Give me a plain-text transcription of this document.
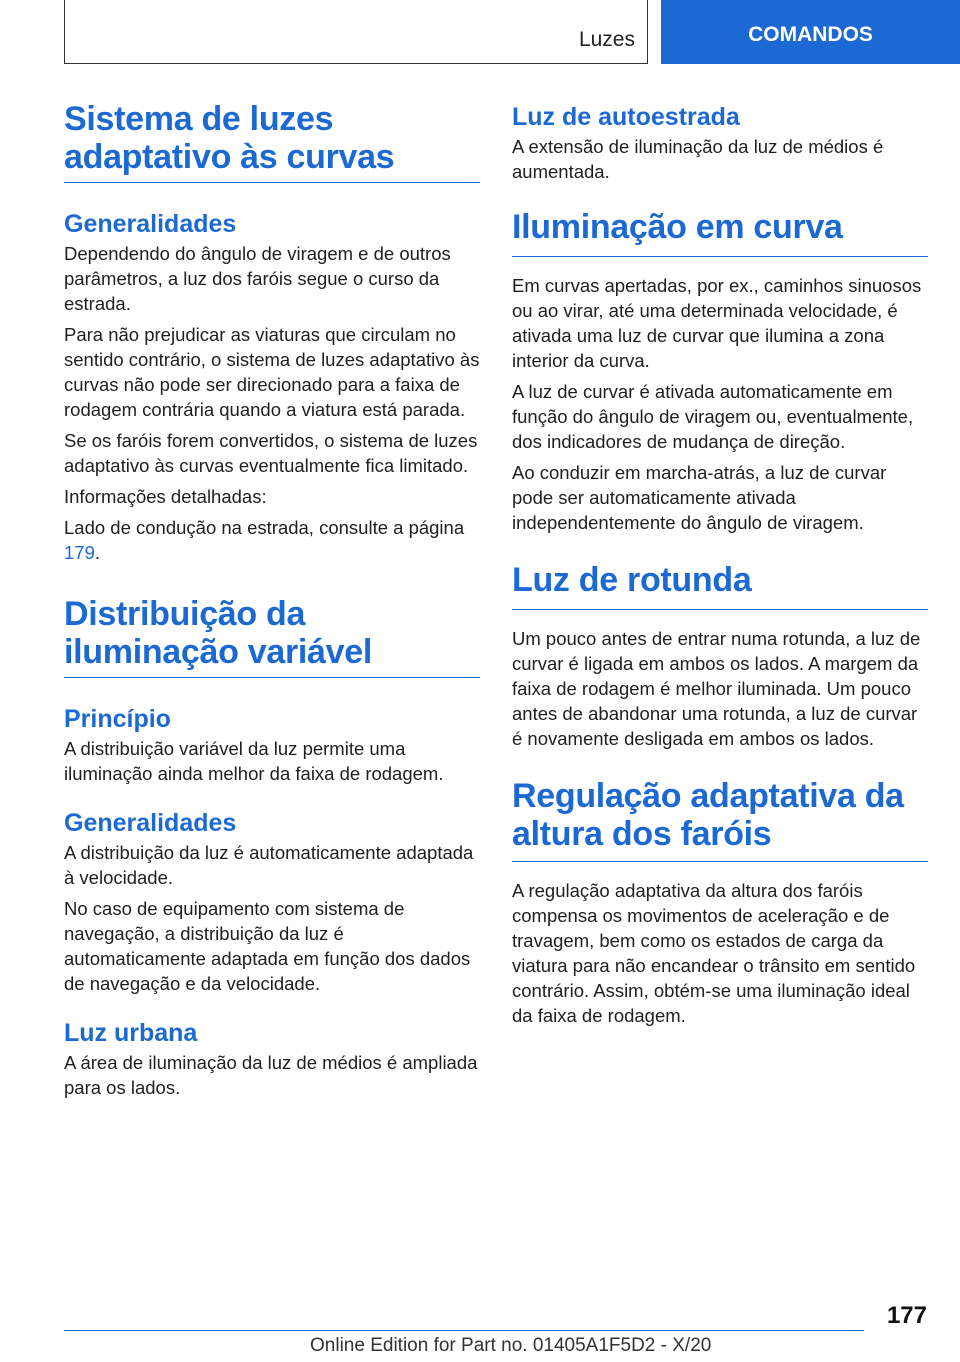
Luzes	COMANDOS
Sistema de luzes adaptativo às curvas
Generalidades

Dependendo do ângulo de viragem e de outros parâmetros, a luz dos faróis segue o curso da estrada.

Para não prejudicar as viaturas que circulam no sentido contrário, o sistema de luzes adaptativo às curvas não pode ser direcionado para a faixa de rodagem contrária quando a viatura está parada.

Se os faróis forem convertidos, o sistema de luzes adaptativo às curvas eventualmente fica limitado.

Informações detalhadas:

Lado de condução na estrada, consulte a página 179.

Distribuição da iluminação variável
Princípio

A distribuição variável da luz permite uma iluminação ainda melhor da faixa de rodagem.

Generalidades

A distribuição da luz é automaticamente adaptada à velocidade.

No caso de equipamento com sistema de navegação, a distribuição da luz é automaticamente adaptada em função dos dados de navegação e da velocidade.

Luz urbana

A área de iluminação da luz de médios é ampliada para os lados.

Luz de autoestrada

A extensão de iluminação da luz de médios é aumentada.

Iluminação em curva

Em curvas apertadas, por ex., caminhos sinuosos ou ao virar, até uma determinada velocidade, é ativada uma luz de curvar que ilumina a zona interior da curva.

A luz de curvar é ativada automaticamente em função do ângulo de viragem ou, eventualmente, dos indicadores de mudança de direção.

Ao conduzir em marcha-atrás, a luz de curvar pode ser automaticamente ativada independentemente do ângulo de viragem.

Luz de rotunda

Um pouco antes de entrar numa rotunda, a luz de curvar é ligada em ambos os lados. A margem da faixa de rodagem é melhor iluminada. Um pouco antes de abandonar uma rotunda, a luz de curvar é novamente desligada em ambos os lados.

Regulação adaptativa da altura dos faróis

A regulação adaptativa da altura dos faróis compensa os movimentos de aceleração e de travagem, bem como os estados de carga da viatura para não encandear o trânsito em sentido contrário. Assim, obtém-se uma iluminação ideal da faixa de rodagem.

177
Online Edition for Part no. 01405A1F5D2 - X/20
